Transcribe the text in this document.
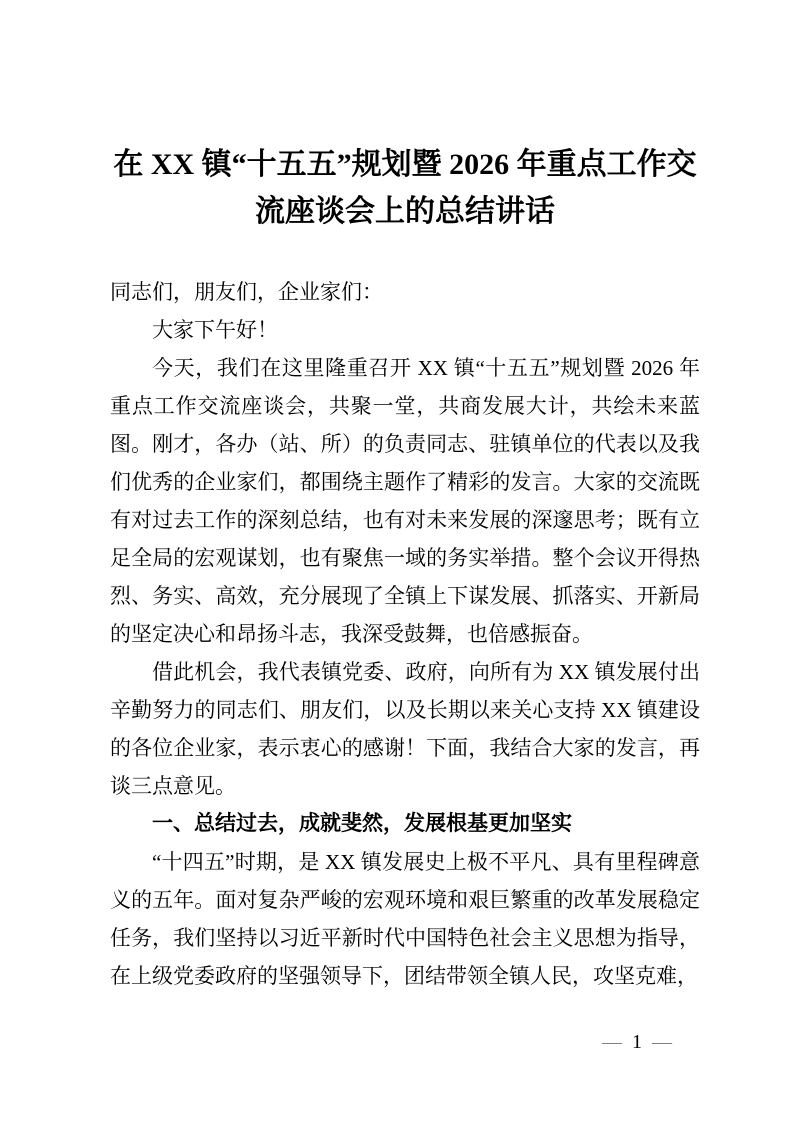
在 XX 镇“十五五”规划暨 2026 年重点工作交流座谈会上的总结讲话

同志们，朋友们，企业家们：

大家下午好！

今天，我们在这里隆重召开 XX 镇“十五五”规划暨 2026 年重点工作交流座谈会，共聚一堂，共商发展大计，共绘未来蓝图。刚才，各办（站、所）的负责同志、驻镇单位的代表以及我们优秀的企业家们，都围绕主题作了精彩的发言。大家的交流既有对过去工作的深刻总结，也有对未来发展的深邃思考；既有立足全局的宏观谋划，也有聚焦一域的务实举措。整个会议开得热烈、务实、高效，充分展现了全镇上下谋发展、抓落实、开新局的坚定决心和昂扬斗志，我深受鼓舞，也倍感振奋。

借此机会，我代表镇党委、政府，向所有为 XX 镇发展付出辛勤努力的同志们、朋友们，以及长期以来关心支持 XX 镇建设的各位企业家，表示衷心的感谢！下面，我结合大家的发言，再谈三点意见。

一、总结过去，成就斐然，发展根基更加坚实

“十四五”时期，是 XX 镇发展史上极不平凡、具有里程碑意义的五年。面对复杂严峻的宏观环境和艰巨繁重的改革发展稳定任务，我们坚持以习近平新时代中国特色社会主义思想为指导，在上级党委政府的坚强领导下，团结带领全镇人民，攻坚克难，

— 1 —
